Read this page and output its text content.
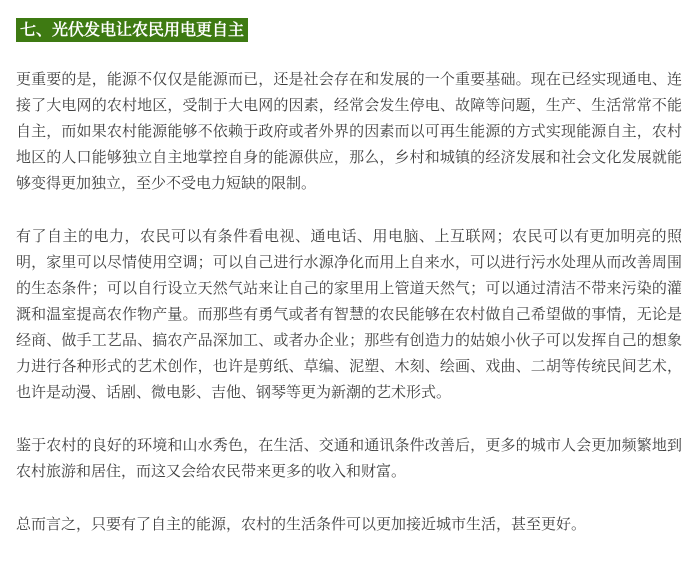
七、光伏发电让农民用电更自主

更重要的是，能源不仅仅是能源而已，还是社会存在和发展的一个重要基础。现在已经实现通电、连接了大电网的农村地区，受制于大电网的因素，经常会发生停电、故障等问题，生产、生活常常不能自主，而如果农村能源能够不依赖于政府或者外界的因素而以可再生能源的方式实现能源自主，农村地区的人口能够独立自主地掌控自身的能源供应，那么，乡村和城镇的经济发展和社会文化发展就能够变得更加独立，至少不受电力短缺的限制。

有了自主的电力，农民可以有条件看电视、通电话、用电脑、上互联网；农民可以有更加明亮的照明，家里可以尽情使用空调；可以自己进行水源净化而用上自来水，可以进行污水处理从而改善周围的生态条件；可以自行设立天然气站来让自己的家里用上管道天然气；可以通过清洁不带来污染的灌溉和温室提高农作物产量。而那些有勇气或者有智慧的农民能够在农村做自己希望做的事情，无论是经商、做手工艺品、搞农产品深加工、或者办企业；那些有创造力的姑娘小伙子可以发挥自己的想象力进行各种形式的艺术创作，也许是剪纸、草编、泥塑、木刻、绘画、戏曲、二胡等传统民间艺术，也许是动漫、话剧、微电影、吉他、钢琴等更为新潮的艺术形式。

鉴于农村的良好的环境和山水秀色，在生活、交通和通讯条件改善后，更多的城市人会更加频繁地到农村旅游和居住，而这又会给农民带来更多的收入和财富。

总而言之，只要有了自主的能源，农村的生活条件可以更加接近城市生活，甚至更好。
